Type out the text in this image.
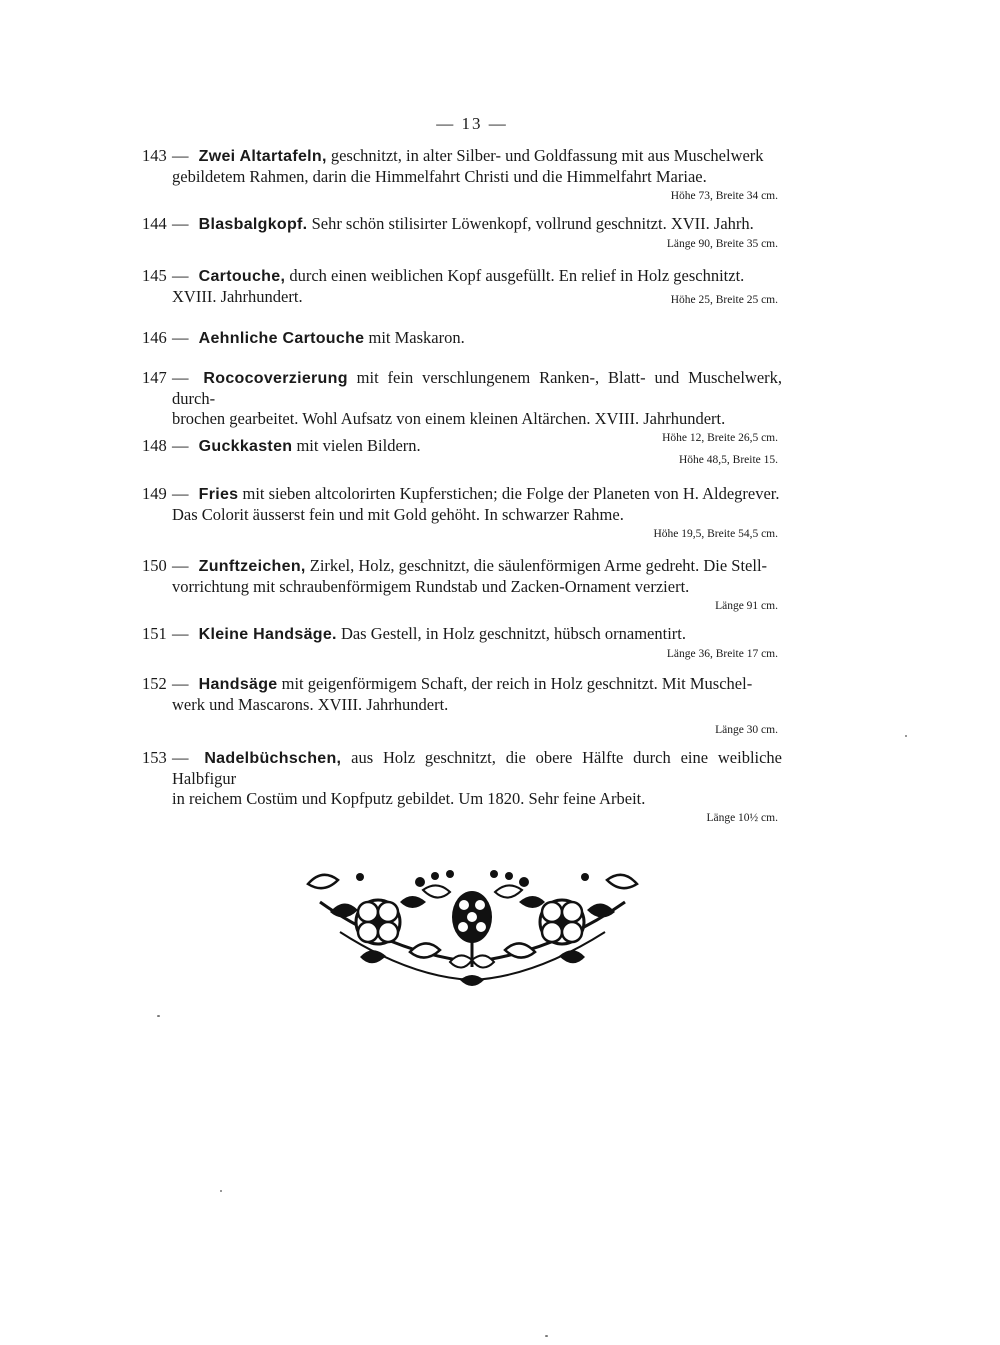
— 13 —
143 — Zwei Altartafeln, geschnitzt, in alter Silber- und Goldfassung mit aus Muschelwerk
gebildetem Rahmen, darin die Himmelfahrt Christi und die Himmelfahrt Mariae.
Höhe 73, Breite 34 cm.
144 — Blasbalgkopf. Sehr schön stilisirter Löwenkopf, vollrund geschnitzt. XVII. Jahrh.
Länge 90, Breite 35 cm.
145 — Cartouche, durch einen weiblichen Kopf ausgefüllt. En relief in Holz geschnitzt.
XVIII. Jahrhundert.	Höhe 25, Breite 25 cm.
146 — Aehnliche Cartouche mit Maskaron.
147 — Rococoverzierung mit fein verschlungenem Ranken-, Blatt- und Muschelwerk, durch-
brochen gearbeitet. Wohl Aufsatz von einem kleinen Altärchen. XVIII. Jahrhundert.
Höhe 12, Breite 26,5 cm.
148 — Guckkasten mit vielen Bildern.
Höhe 48,5, Breite 15.
149 — Fries mit sieben altcolorirten Kupferstichen; die Folge der Planeten von H. Aldegrever.
Das Colorit äusserst fein und mit Gold gehöht. In schwarzer Rahme.
Höhe 19,5, Breite 54,5 cm.
150 — Zunftzeichen, Zirkel, Holz, geschnitzt, die säulenförmigen Arme gedreht. Die Stell-
vorrichtung mit schraubenförmigem Rundstab und Zacken-Ornament verziert.
Länge 91 cm.
151 — Kleine Handsäge. Das Gestell, in Holz geschnitzt, hübsch ornamentirt.
Länge 36, Breite 17 cm.
152 — Handsäge mit geigenförmigem Schaft, der reich in Holz geschnitzt. Mit Muschel-
werk und Mascarons. XVIII. Jahrhundert.
Länge 30 cm.
153 — Nadelbüchschen, aus Holz geschnitzt, die obere Hälfte durch eine weibliche Halbfigur
in reichem Costüm und Kopfputz gebildet. Um 1820. Sehr feine Arbeit.
Länge 10½ cm.
